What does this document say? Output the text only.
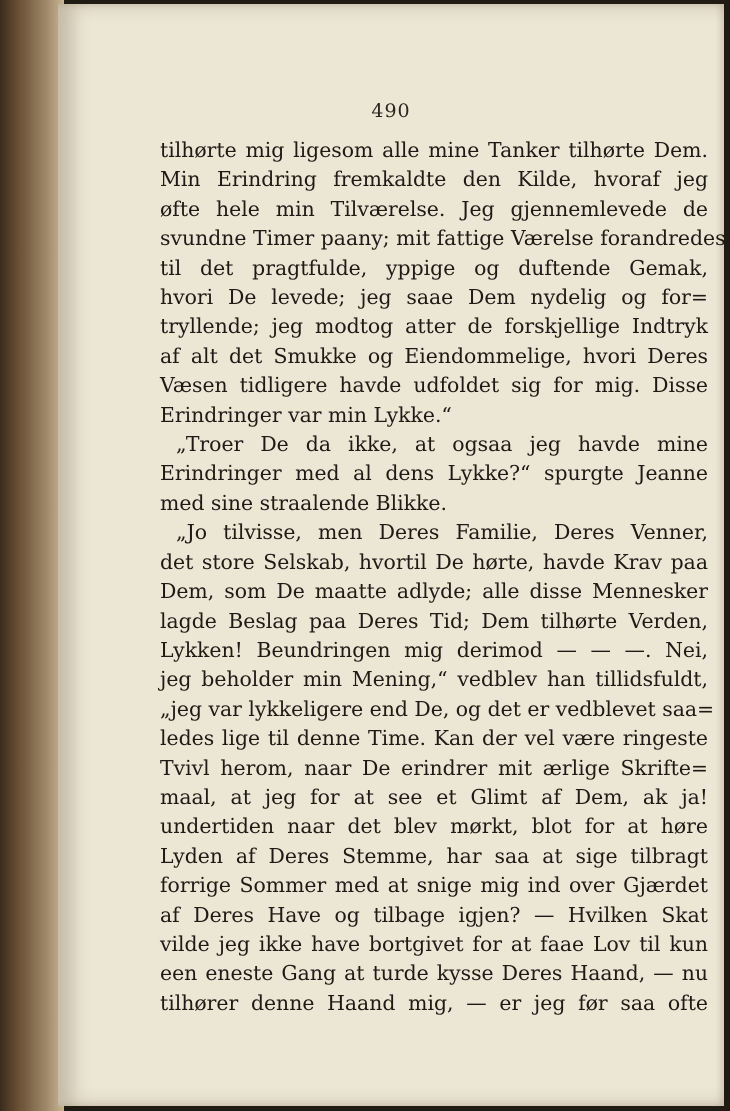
490
tilhørte mig ligesom alle mine Tanker tilhørte Dem.
Min Erindring fremkaldte den Kilde, hvoraf jeg
øfte hele min Tilværelse. Jeg gjennemlevede de
svundne Timer paany; mit fattige Værelse forandredes
til det pragtfulde, yppige og duftende Gemak,
hvori De levede; jeg saae Dem nydelig og for=
tryllende; jeg modtog atter de forskjellige Indtryk
af alt det Smukke og Eiendommelige, hvori Deres
Væsen tidligere havde udfoldet sig for mig. Disse
Erindringer var min Lykke.“
„Troer De da ikke, at ogsaa jeg havde mine
Erindringer med al dens Lykke?“ spurgte Jeanne
med sine straalende Blikke.
„Jo tilvisse, men Deres Familie, Deres Venner,
det store Selskab, hvortil De hørte, havde Krav paa
Dem, som De maatte adlyde; alle disse Mennesker
lagde Beslag paa Deres Tid; Dem tilhørte Verden,
Lykken! Beundringen mig derimod — — —. Nei,
jeg beholder min Mening,“ vedblev han tillidsfuldt,
„jeg var lykkeligere end De, og det er vedblevet saa=
ledes lige til denne Time. Kan der vel være ringeste
Tvivl herom, naar De erindrer mit ærlige Skrifte=
maal, at jeg for at see et Glimt af Dem, ak ja!
undertiden naar det blev mørkt, blot for at høre
Lyden af Deres Stemme, har saa at sige tilbragt
forrige Sommer med at snige mig ind over Gjærdet
af Deres Have og tilbage igjen? — Hvilken Skat
vilde jeg ikke have bortgivet for at faae Lov til kun
een eneste Gang at turde kysse Deres Haand, — nu
tilhører denne Haand mig, — er jeg før saa ofte
